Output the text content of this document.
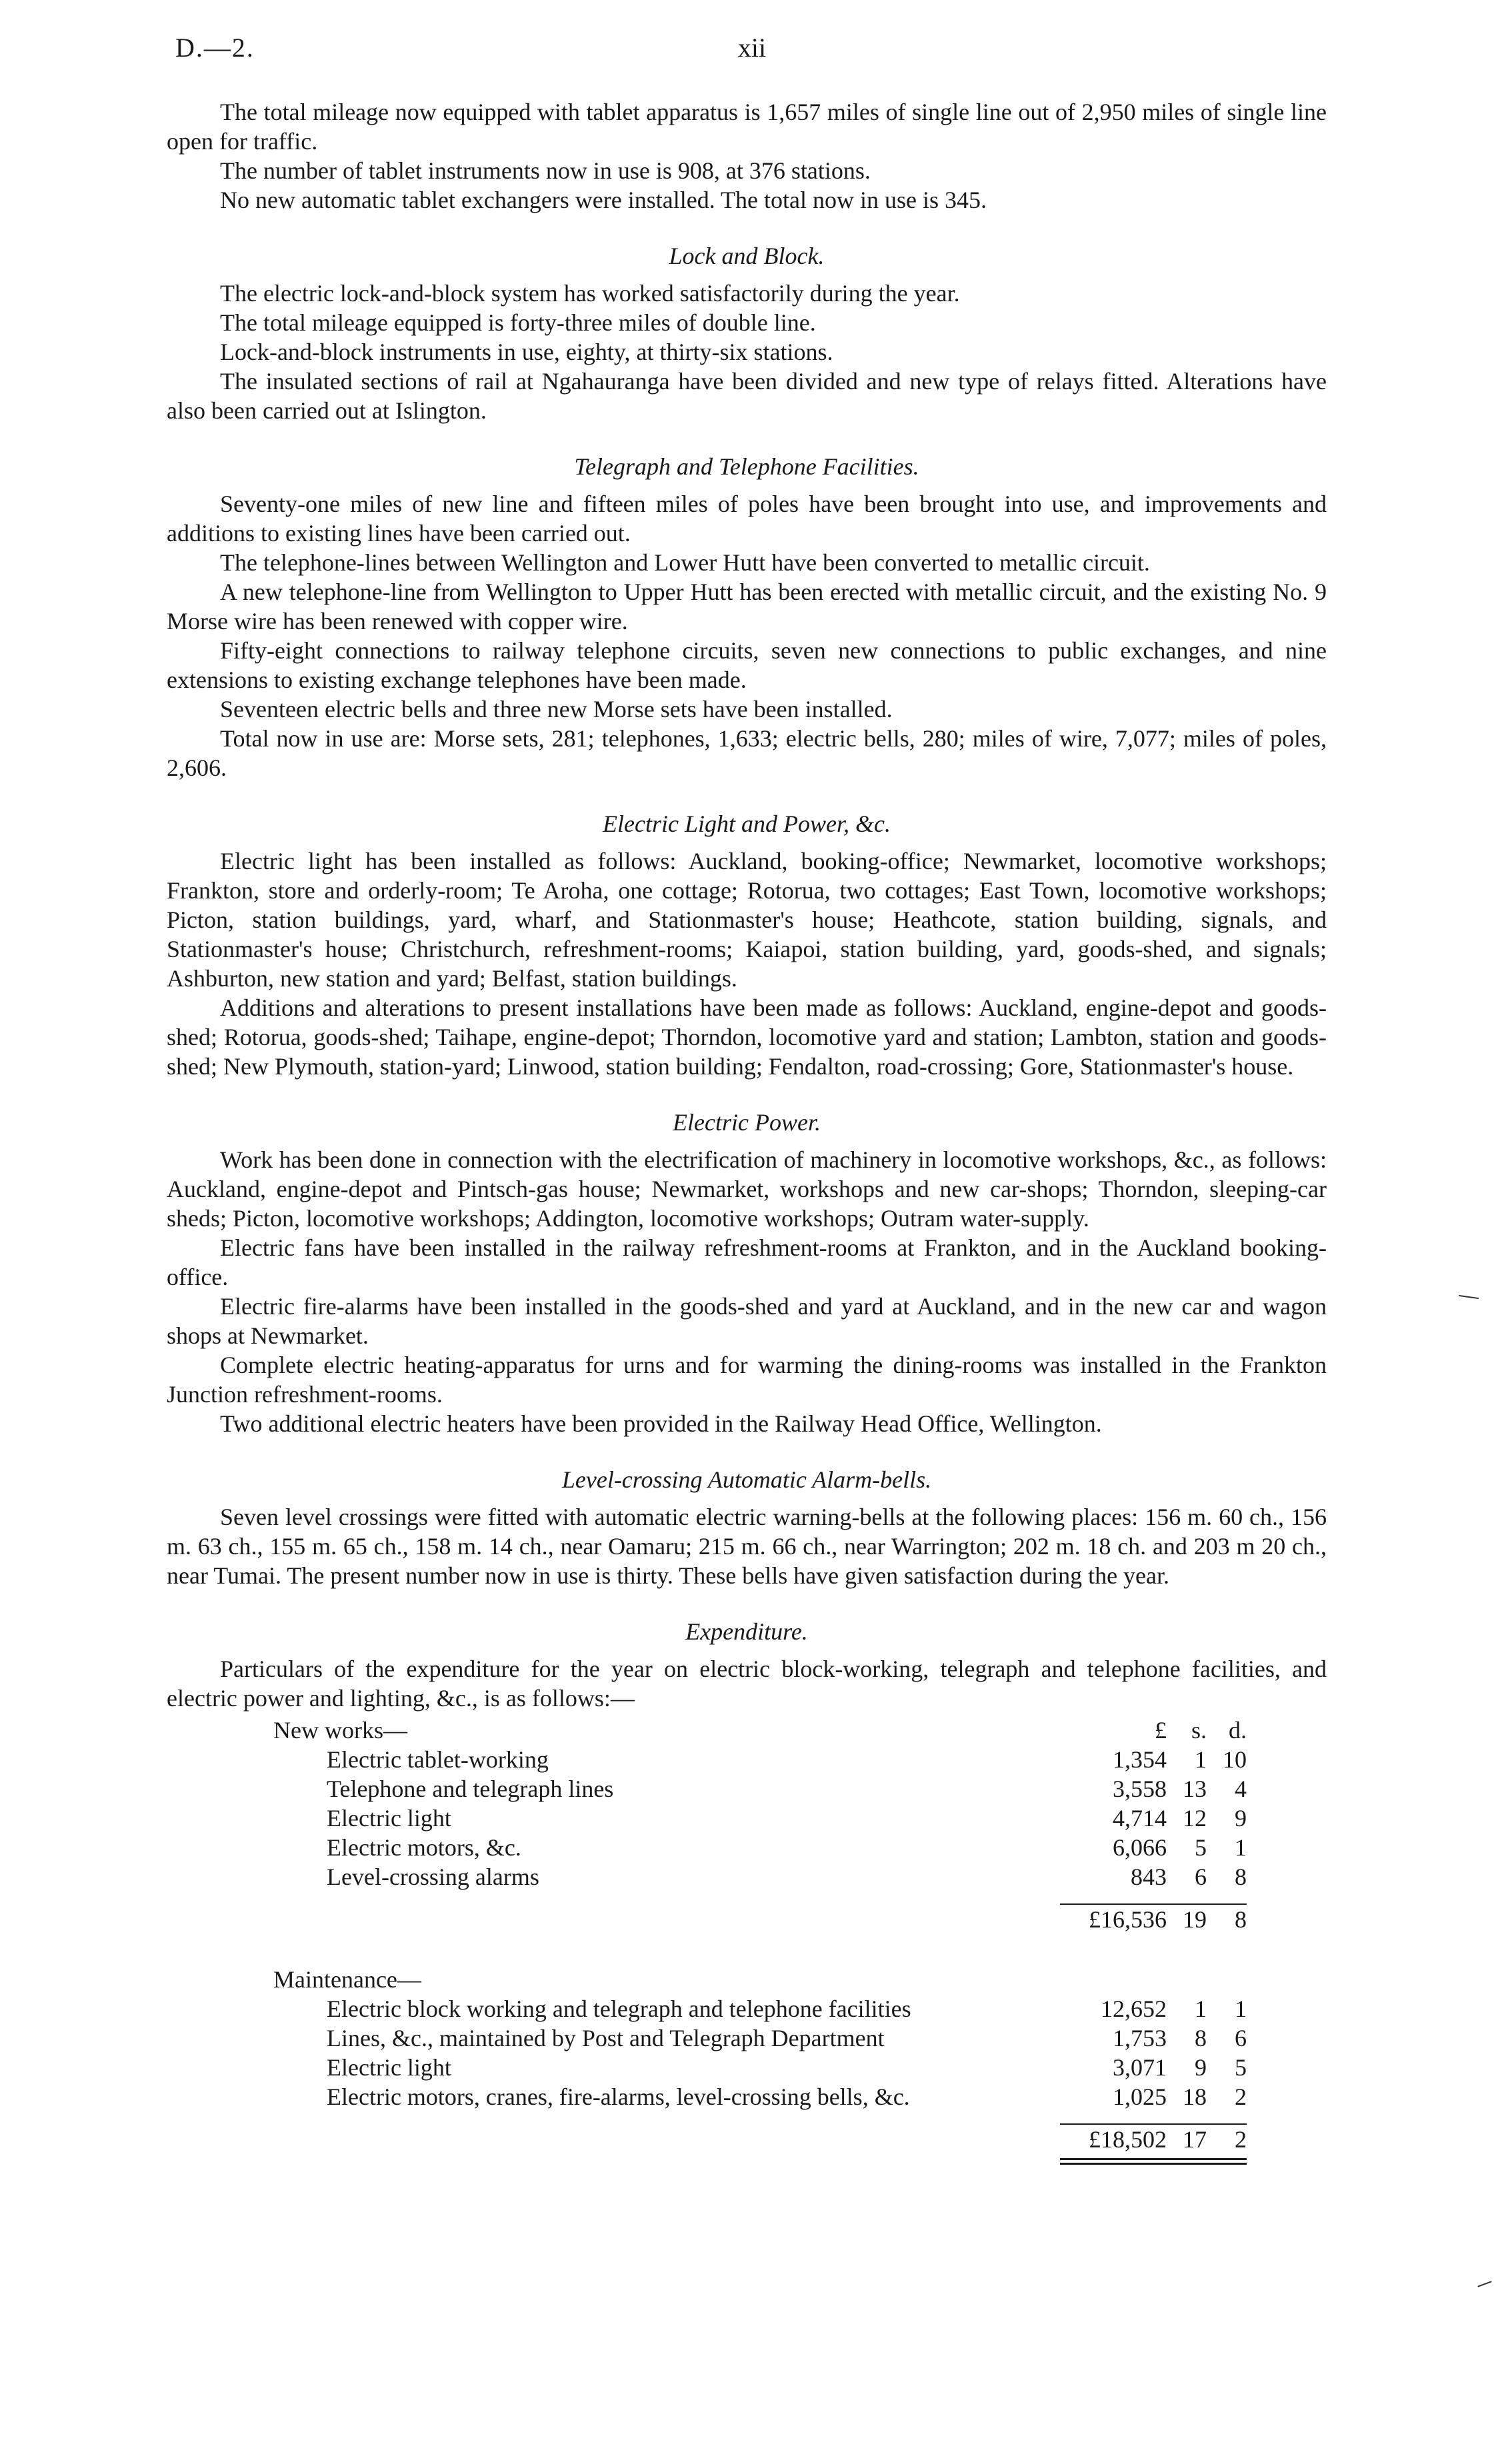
D.—2.	xii

The total mileage now equipped with tablet apparatus is 1,657 miles of single line out of 2,950 miles of single line open for traffic.

The number of tablet instruments now in use is 908, at 376 stations.

No new automatic tablet exchangers were installed. The total now in use is 345.

Lock and Block.

The electric lock-and-block system has worked satisfactorily during the year.

The total mileage equipped is forty-three miles of double line.

Lock-and-block instruments in use, eighty, at thirty-six stations.

The insulated sections of rail at Ngahauranga have been divided and new type of relays fitted. Alterations have also been carried out at Islington.

Telegraph and Telephone Facilities.

Seventy-one miles of new line and fifteen miles of poles have been brought into use, and improvements and additions to existing lines have been carried out.

The telephone-lines between Wellington and Lower Hutt have been converted to metallic circuit.

A new telephone-line from Wellington to Upper Hutt has been erected with metallic circuit, and the existing No. 9 Morse wire has been renewed with copper wire.

Fifty-eight connections to railway telephone circuits, seven new connections to public exchanges, and nine extensions to existing exchange telephones have been made.

Seventeen electric bells and three new Morse sets have been installed.

Total now in use are: Morse sets, 281; telephones, 1,633; electric bells, 280; miles of wire, 7,077; miles of poles, 2,606.

Electric Light and Power, &c.

Electric light has been installed as follows: Auckland, booking-office; Newmarket, locomotive workshops; Frankton, store and orderly-room; Te Aroha, one cottage; Rotorua, two cottages; East Town, locomotive workshops; Picton, station buildings, yard, wharf, and Stationmaster's house; Heathcote, station building, signals, and Stationmaster's house; Christchurch, refreshment-rooms; Kaiapoi, station building, yard, goods-shed, and signals; Ashburton, new station and yard; Belfast, station buildings.

Additions and alterations to present installations have been made as follows: Auckland, engine-depot and goods-shed; Rotorua, goods-shed; Taihape, engine-depot; Thorndon, locomotive yard and station; Lambton, station and goods-shed; New Plymouth, station-yard; Linwood, station building; Fendalton, road-crossing; Gore, Stationmaster's house.

Electric Power.

Work has been done in connection with the electrification of machinery in locomotive workshops, &c., as follows: Auckland, engine-depot and Pintsch-gas house; Newmarket, workshops and new car-shops; Thorndon, sleeping-car sheds; Picton, locomotive workshops; Addington, locomotive workshops; Outram water-supply.

Electric fans have been installed in the railway refreshment-rooms at Frankton, and in the Auckland booking-office.

Electric fire-alarms have been installed in the goods-shed and yard at Auckland, and in the new car and wagon shops at Newmarket.

Complete electric heating-apparatus for urns and for warming the dining-rooms was installed in the Frankton Junction refreshment-rooms.

Two additional electric heaters have been provided in the Railway Head Office, Wellington.

Level-crossing Automatic Alarm-bells.

Seven level crossings were fitted with automatic electric warning-bells at the following places: 156 m. 60 ch., 156 m. 63 ch., 155 m. 65 ch., 158 m. 14 ch., near Oamaru; 215 m. 66 ch., near Warrington; 202 m. 18 ch. and 203 m 20 ch., near Tumai. The present number now in use is thirty. These bells have given satisfaction during the year.

Expenditure.

Particulars of the expenditure for the year on electric block-working, telegraph and telephone facilities, and electric power and lighting, &c., is as follows:—

New works—	£	s. d.
Electric tablet-working	1,354	1 10
Telephone and telegraph lines	3,558 13	4
Electric light	4,714 12	9
Electric motors, &c.	6,066	5	1
Level-crossing alarms	843	6	8
£16,536 19	8
Maintenance—
Electric block working and telegraph and telephone facilities	12,652	1	1
Lines, &c., maintained by Post and Telegraph Department	1,753	8	6
Electric light	3,071	9	5
Electric motors, cranes, fire-alarms, level-crossing bells, &c.	1,025 18	2
£18,502 17	2
